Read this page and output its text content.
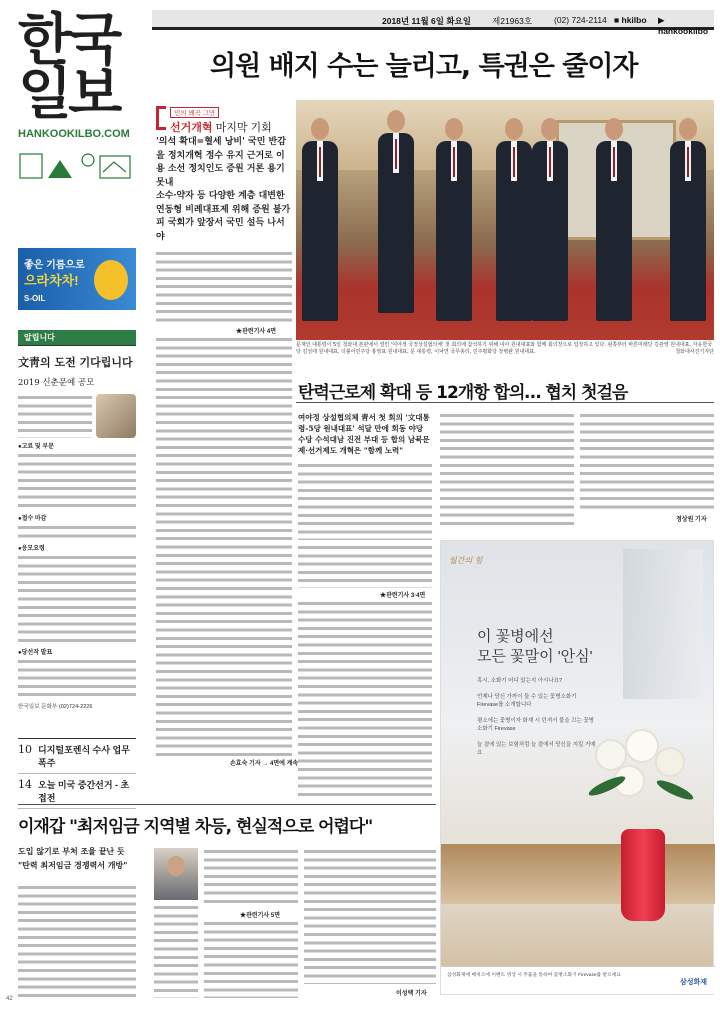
한국
일보
HANKOOKILBO.COM
2018년 11월 6일 화요일 제21963호	(02) 724-2114 ■ hkilbo ▶ hankookilbo
좋은 기름으로
으라차차!
S-OIL
알립니다
文靑의 도전 기다립니다
2019 신춘문예 공모
●고료 및 부문
●접수 마감
●응모요령
●당선작 발표
한국일보 문화부 (02)724-2226
10 디지털포렌식 수사 업무 폭주
14 오늘 미국 중간선거 - 초접전
의원 배지 수는 늘리고, 특권은 줄이자
민의 왜곡 그만
선거개혁 마지막 기회
'의석 확대=혈세 낭비' 국민 반감을 정치개혁 정수 유지 근거로 이용 소선 정치인도 증원 거론 용기 못내
소수·약자 등 다양한 계층 대변한 연동형 비례대표제 위해 증원 불가피 국회가 앞장서 국민 설득 나서야
★관련기사 4면
손효숙 기자 → 4면에 계속
문재인 대통령이 5일 청와대 본관에서 열린 '여야정 국정상설협의체' 첫 회의에 참석하기 위해 여야 원내대표와 함께 회의장으로 입장하고 있다. 왼쪽부터 바른미래당 김관영 원내대표, 자유한국당 김성태 원내대표, 더불어민주당 홍영표 원내대표, 문 대통령, 이낙연 국무총리, 민주평화당 장병완 원내대표.	청와대사진기자단
탄력근로제 확대 등 12개항 합의… 협치 첫걸음
여야정 상설협의체 靑서 첫 회의 '文대통령-5당 원내대표' 석달 만에 회동 야당 수당 수석대남 진전 부대 등 합의 남북문제·선거제도 개혁은 "함께 노력"
정상원 기자
★관련기사 3·4면
월간의 힘
이 꽃병에선
모든 꽃말이 '안심'
혹시, 소화기 어디 있는지 아시나요?
언제나 당신 가까이 둘 수 있는 꽃병소화기 Firevase를 소개합니다
평소에는 꽃병이자 화재 시 던져서 불을 끄는 꽃병소화기 Firevase
늘 곁에 있는 보험처럼 늘 곁에서 당신을 지킬 거예요
삼성화재에 배치소에 이벤트 영상 시 추출을 통하여 꽃병소화기 Firevase를 받으세요
삼성화재
이재갑 "최저임금 지역별 차등, 현실적으로 어렵다"
도입 않기로 부처 조율 끝난 듯
"탄력 최저임금 경쟁력서 개방"
★관련기사 5면
이성택 기자
42
